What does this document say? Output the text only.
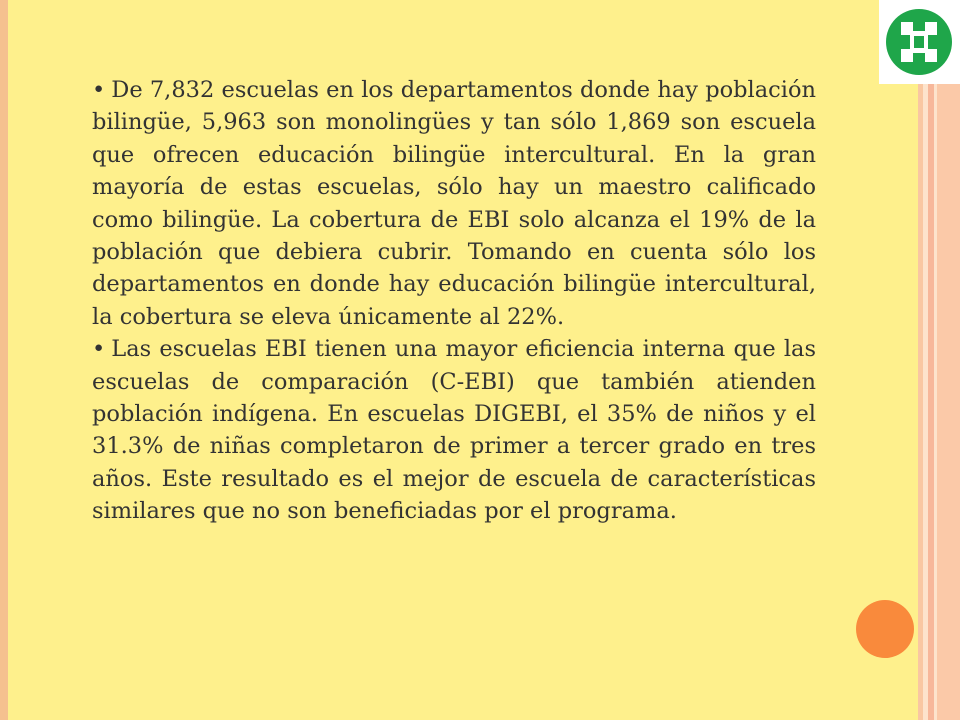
• De 7,832 escuelas en los departamentos donde hay población bilingüe, 5,963 son monolingües y tan sólo 1,869 son escuela que ofrecen educación bilingüe intercultural. En la gran mayoría de estas escuelas, sólo hay un maestro calificado como bilingüe. La cobertura de EBI solo alcanza el 19% de la población que debiera cubrir. Tomando en cuenta sólo los departamentos en donde hay educación bilingüe intercultural, la cobertura se eleva únicamente al 22%.

• Las escuelas EBI tienen una mayor eficiencia interna que las escuelas de comparación (C-EBI) que también atienden población indígena. En escuelas DIGEBI, el 35% de niños y el 31.3% de niñas completaron de primer a tercer grado en tres años. Este resultado es el mejor de escuela de características similares que no son beneficiadas por el programa.
